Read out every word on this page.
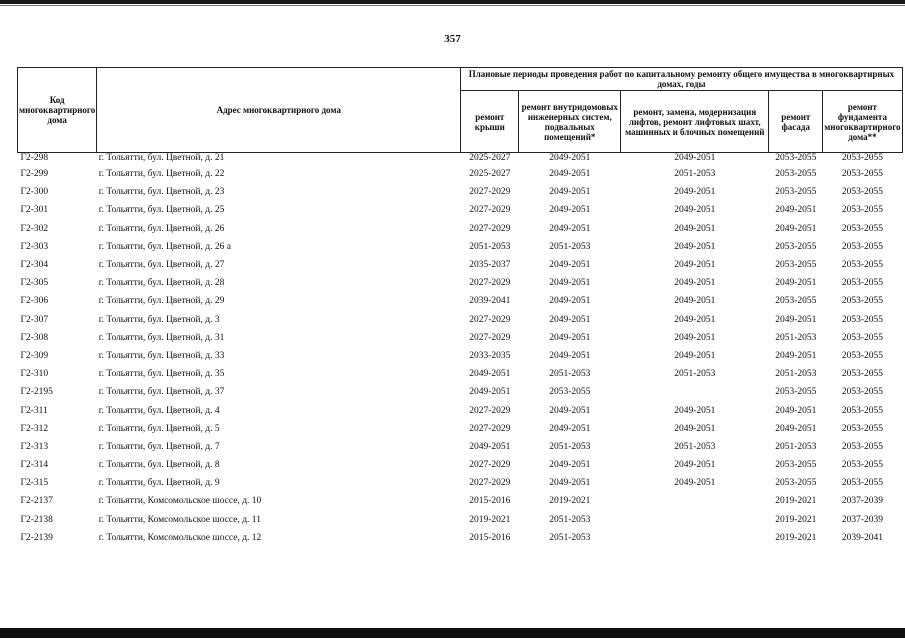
357
Код многоквартирного дома	Адрес многоквартирного дома	Плановые периоды проведения работ по капитальному ремонту общего имущества в многоквартирных домах, годы				
		ремонт крыши	ремонт внутридомовых инженерных систем, подвальных помещений*	ремонт, замена, модернизация лифтов, ремонт лифтовых шахт, машинных и блочных помещений	ремонт фасада	ремонт фундамента многоквартирного дома**
Г2-298	г. Тольятти, бул. Цветной, д. 21	2025-2027	2049-2051	2049-2051	2053-2055	2053-2055
Г2-299	г. Тольятти, бул. Цветной, д. 22	2025-2027	2049-2051	2051-2053	2053-2055	2053-2055
Г2-300	г. Тольятти, бул. Цветной, д. 23	2027-2029	2049-2051	2049-2051	2053-2055	2053-2055
Г2-301	г. Тольятти, бул. Цветной, д. 25	2027-2029	2049-2051	2049-2051	2049-2051	2053-2055
Г2-302	г. Тольятти, бул. Цветной, д. 26	2027-2029	2049-2051	2049-2051	2049-2051	2053-2055
Г2-303	г. Тольятти, бул. Цветной, д. 26 а	2051-2053	2051-2053	2049-2051	2053-2055	2053-2055
Г2-304	г. Тольятти, бул. Цветной, д. 27	2035-2037	2049-2051	2049-2051	2053-2055	2053-2055
Г2-305	г. Тольятти, бул. Цветной, д. 28	2027-2029	2049-2051	2049-2051	2049-2051	2053-2055
Г2-306	г. Тольятти, бул. Цветной, д. 29	2039-2041	2049-2051	2049-2051	2053-2055	2053-2055
Г2-307	г. Тольятти, бул. Цветной, д. 3	2027-2029	2049-2051	2049-2051	2049-2051	2053-2055
Г2-308	г. Тольятти, бул. Цветной, д. 31	2027-2029	2049-2051	2049-2051	2051-2053	2053-2055
Г2-309	г. Тольятти, бул. Цветной, д. 33	2033-2035	2049-2051	2049-2051	2049-2051	2053-2055
Г2-310	г. Тольятти, бул. Цветной, д. 35	2049-2051	2051-2053	2051-2053	2051-2053	2053-2055
Г2-2195	г. Тольятти, бул. Цветной, д. 37	2049-2051	2053-2055		2053-2055	2053-2055
Г2-311	г. Тольятти, бул. Цветной, д. 4	2027-2029	2049-2051	2049-2051	2049-2051	2053-2055
Г2-312	г. Тольятти, бул. Цветной, д. 5	2027-2029	2049-2051	2049-2051	2049-2051	2053-2055
Г2-313	г. Тольятти, бул. Цветной, д. 7	2049-2051	2051-2053	2051-2053	2051-2053	2053-2055
Г2-314	г. Тольятти, бул. Цветной, д. 8	2027-2029	2049-2051	2049-2051	2053-2055	2053-2055
Г2-315	г. Тольятти, бул. Цветной, д. 9	2027-2029	2049-2051	2049-2051	2053-2055	2053-2055
Г2-2137	г. Тольятти, Комсомольское шоссе, д. 10	2015-2016	2019-2021		2019-2021	2037-2039
Г2-2138	г. Тольятти, Комсомольское шоссе, д. 11	2019-2021	2051-2053		2019-2021	2037-2039
Г2-2139	г. Тольятти, Комсомольское шоссе, д. 12	2015-2016	2051-2053		2019-2021	2039-2041
